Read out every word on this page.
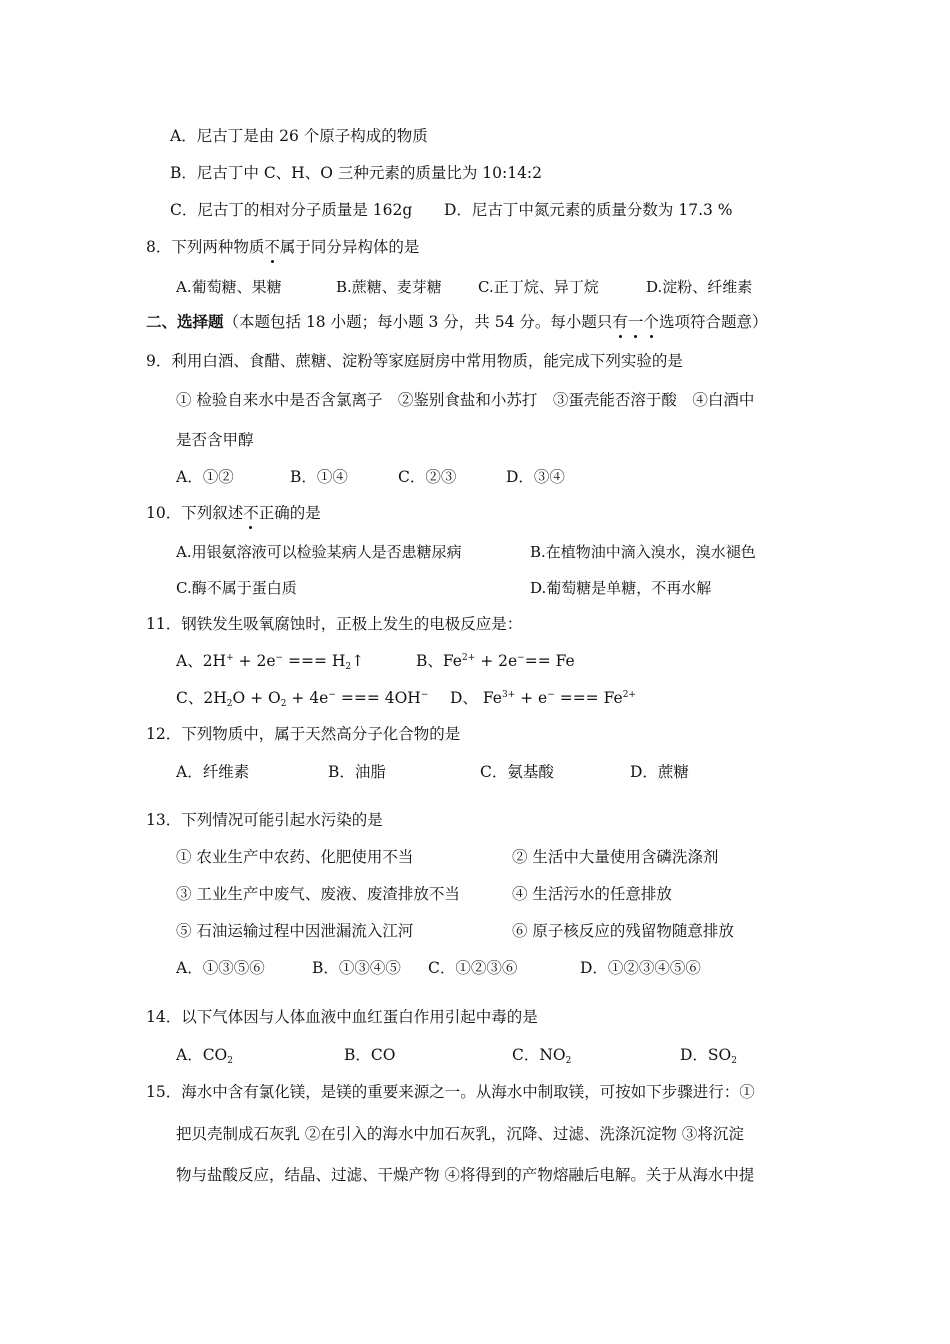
A．尼古丁是由 26 个原子构成的物质
B．尼古丁中 C、H、O 三种元素的质量比为 10:14:2
C．尼古丁的相对分子质量是 162g D．尼古丁中氮元素的质量分数为 17.3 %
8．下列两种物质不属于同分异构体的是
A.葡萄糖、果糖	B.蔗糖、麦芽糖 C.正丁烷、异丁烷	D.淀粉、纤维素
二、选择题（本题包括 18 小题；每小题 3 分，共 54 分。每小题只有一个选项符合题意）
9．利用白酒、食醋、蔗糖、淀粉等家庭厨房中常用物质，能完成下列实验的是
① 检验自来水中是否含氯离子　②鉴别食盐和小苏打　③蛋壳能否溶于酸　④白酒中
是否含甲醇
A．①②	B．①④	C．②③	D．③④
10．下列叙述不正确的是
A.用银氨溶液可以检验某病人是否患糖尿病	B.在植物油中滴入溴水，溴水褪色
C.酶不属于蛋白质	D.葡萄糖是单糖，不再水解
11．钢铁发生吸氧腐蚀时，正极上发生的电极反应是：
A、2H+ + 2e− === $H_2↑$	B、$Fe^{2+} + 2e^-== Fe$
C、$2H_2O + O_2 + 4e^-$ === 4OH− D、 $Fe^{3+} + e^-$ === $Fe^{2+}$
12．下列物质中，属于天然高分子化合物的是
A．纤维素	B．油脂	C．氨基酸	D．蔗糖
13．下列情况可能引起水污染的是
① 农业生产中农药、化肥使用不当	② 生活中大量使用含磷洗涤剂
③ 工业生产中废气、废液、废渣排放不当	④ 生活污水的任意排放
⑤ 石油运输过程中因泄漏流入江河	⑥ 原子核反应的残留物随意排放
A．①③⑤⑥	B．①③④⑤ C．①②③⑥	D．①②③④⑤⑥
14．以下气体因与人体血液中血红蛋白作用引起中毒的是
A．$CO_2$	B．CO	C．$NO_2$	D．$SO_2$
15．海水中含有氯化镁，是镁的重要来源之一。从海水中制取镁，可按如下步骤进行：①
把贝壳制成石灰乳 ②在引入的海水中加石灰乳，沉降、过滤、洗涤沉淀物 ③将沉淀
物与盐酸反应，结晶、过滤、干燥产物 ④将得到的产物熔融后电解。关于从海水中提
